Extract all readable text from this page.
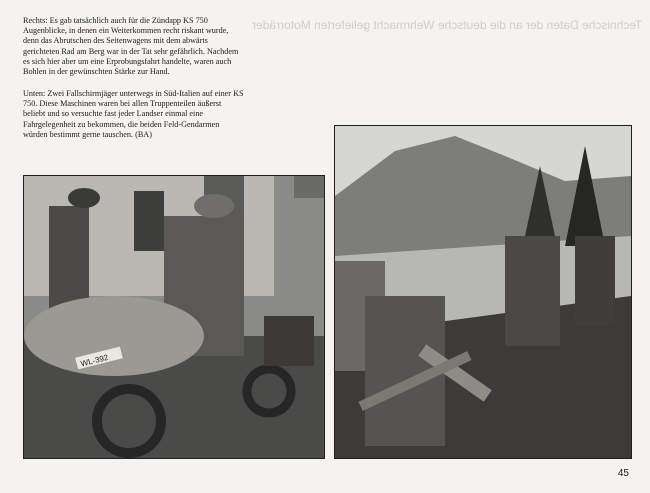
Technische Daten der an die deutsche Wehrmacht gelieferten Motorräder

Rechts: Es gab tatsächlich auch für die Zündapp KS 750 Augenblicke, in denen ein Weiterkommen recht riskant wurde, denn das Abrutschen des Seitenwagens mit dem abwärts gerichteten Rad am Berg war in der Tat sehr gefährlich. Nachdem es sich hier aber um eine Erprobungsfahrt handelte, waren auch Bohlen in der gewünschten Stärke zur Hand.

Unten: Zwei Fallschirmjäger unterwegs in Süd-Italien auf einer KS 750. Diese Maschinen waren bei allen Truppenteilen äußerst beliebt und so versuchte fast jeder Landser einmal eine Fahrgelegenheit zu bekommen, die beiden Feld-Gendarmen würden bestimmt gerne tauschen. (BA)

WL-392
45
